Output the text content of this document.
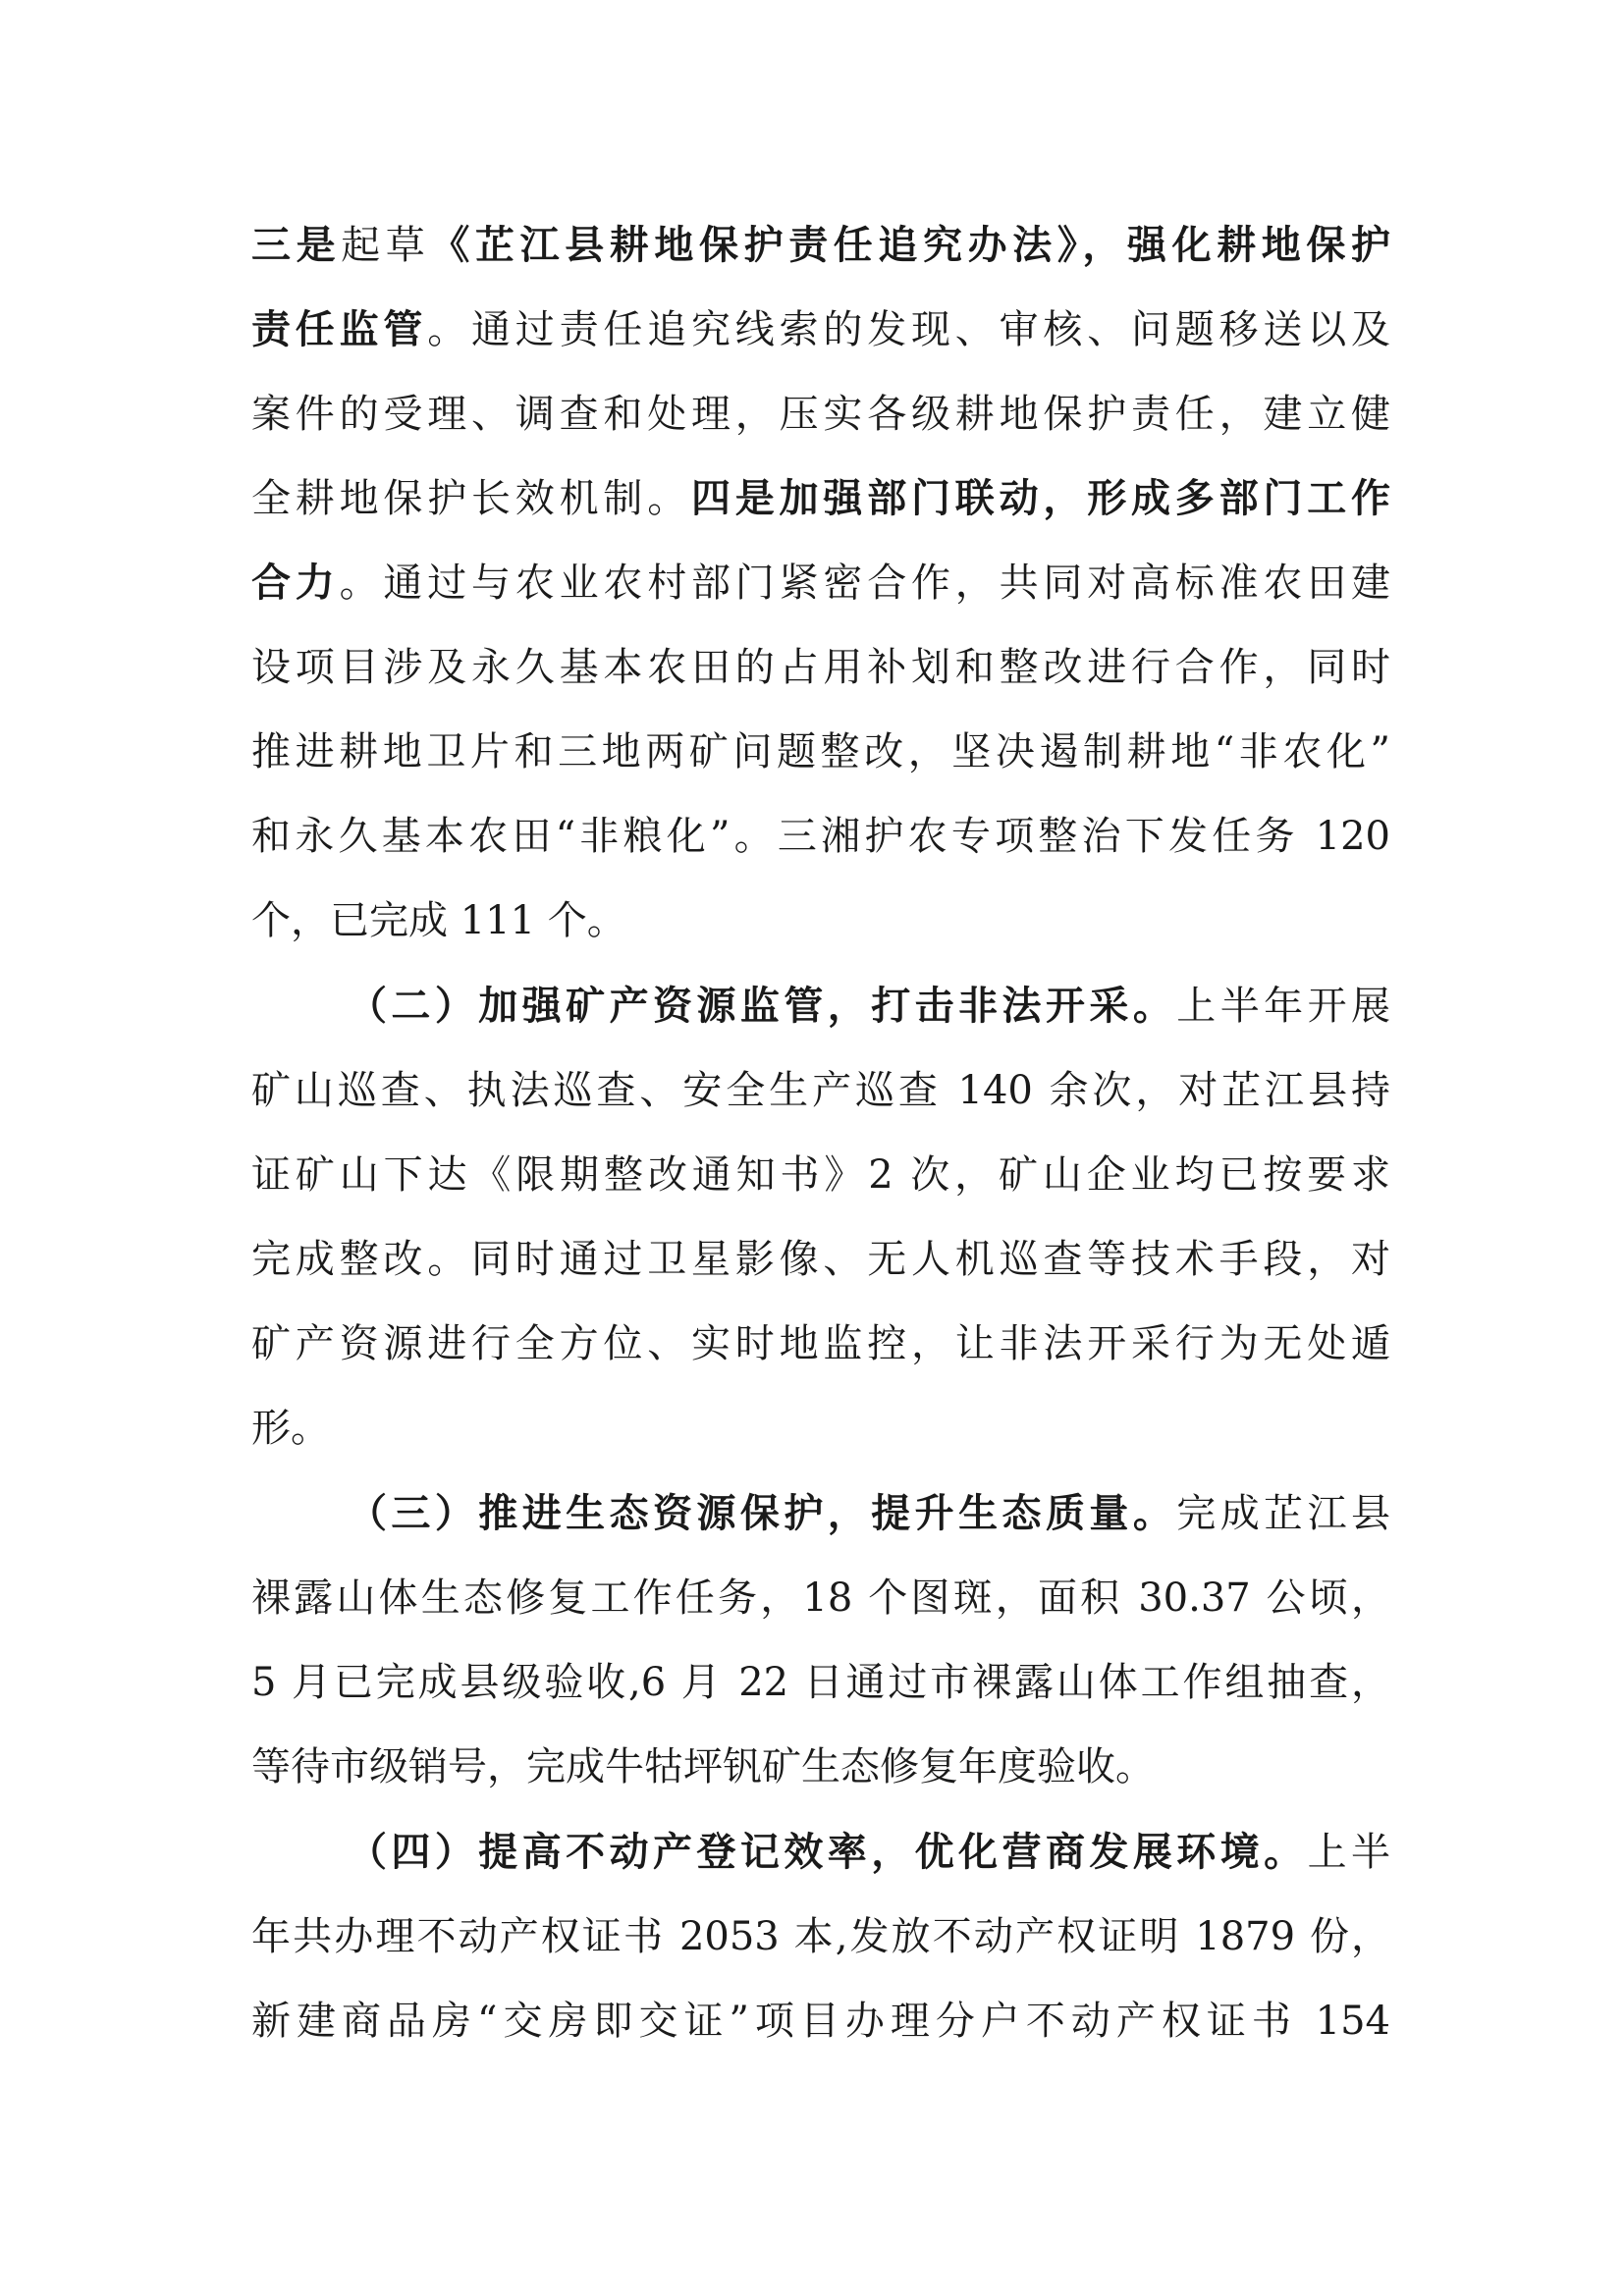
三是起草《芷江县耕地保护责任追究办法》，强化耕地保护
责任监管。通过责任追究线索的发现、审核、问题移送以及
案件的受理、调查和处理，压实各级耕地保护责任，建立健
全耕地保护长效机制。四是加强部门联动，形成多部门工作
合力。通过与农业农村部门紧密合作，共同对高标准农田建
设项目涉及永久基本农田的占用补划和整改进行合作，同时
推进耕地卫片和三地两矿问题整改，坚决遏制耕地“非农化”
和永久基本农田“非粮化”。三湘护农专项整治下发任务 120
个，已完成 111 个。
（二）加强矿产资源监管，打击非法开采。上半年开展
矿山巡查、执法巡查、安全生产巡查 140 余次，对芷江县持
证矿山下达《限期整改通知书》2 次，矿山企业均已按要求
完成整改。同时通过卫星影像、无人机巡查等技术手段，对
矿产资源进行全方位、实时地监控，让非法开采行为无处遁
形。
（三）推进生态资源保护，提升生态质量。完成芷江县
裸露山体生态修复工作任务，18 个图斑，面积 30.37 公顷，
5 月已完成县级验收,6 月 22 日通过市裸露山体工作组抽查，
等待市级销号，完成牛牯坪钒矿生态修复年度验收。
（四）提高不动产登记效率，优化营商发展环境。上半
年共办理不动产权证书 2053 本,发放不动产权证明 1879 份，
新建商品房“交房即交证”项目办理分户不动产权证书 154
